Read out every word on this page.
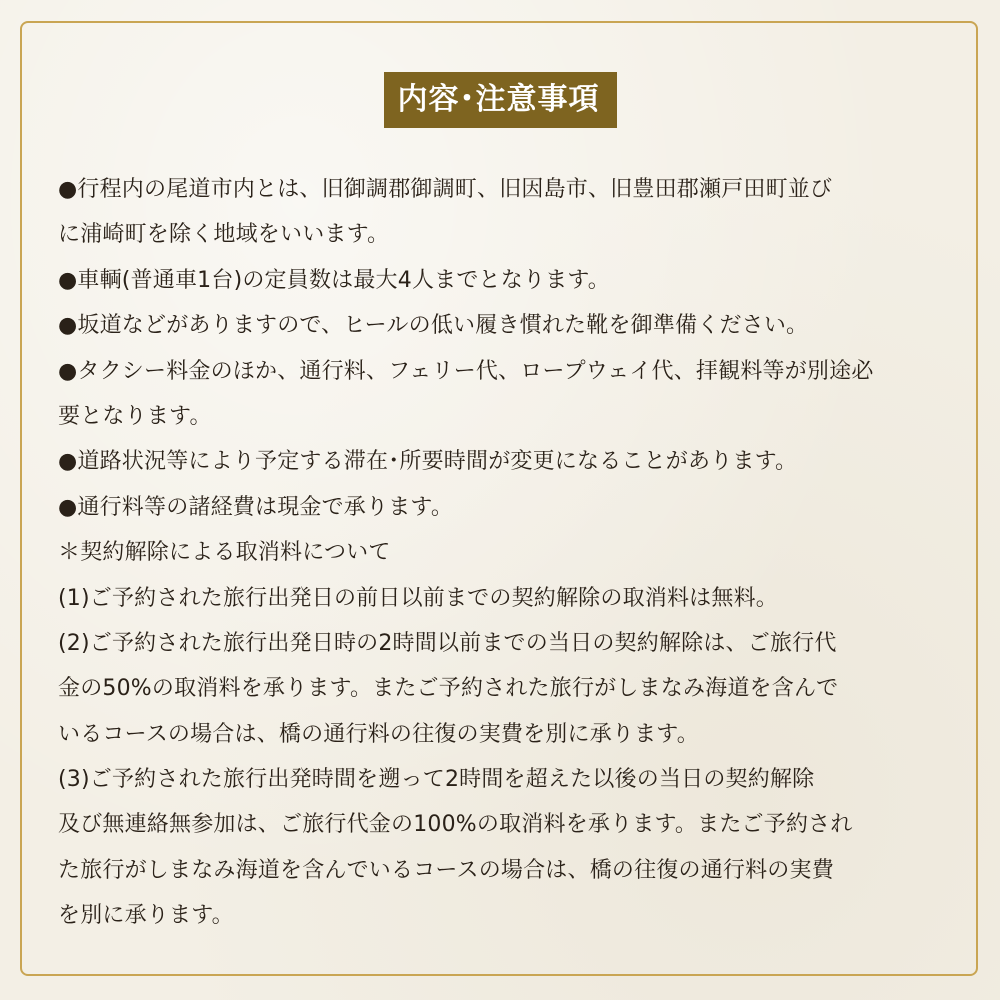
内容･注意事項
●行程内の尾道市内とは、旧御調郡御調町、旧因島市、旧豊田郡瀬戸田町並び
に浦崎町を除く地域をいいます。
●車輌(普通車1台)の定員数は最大4人までとなります。
●坂道などがありますので、ヒールの低い履き慣れた靴を御準備ください。
●タクシー料金のほか、通行料、フェリー代、ロープウェイ代、拝観料等が別途必
要となります。
●道路状況等により予定する滞在･所要時間が変更になることがあります。
●通行料等の諸経費は現金で承ります。
＊契約解除による取消料について
(1)ご予約された旅行出発日の前日以前までの契約解除の取消料は無料。
(2)ご予約された旅行出発日時の2時間以前までの当日の契約解除は、ご旅行代
金の50%の取消料を承ります。またご予約された旅行がしまなみ海道を含んで
いるコースの場合は、橋の通行料の往復の実費を別に承ります。
(3)ご予約された旅行出発時間を遡って2時間を超えた以後の当日の契約解除
及び無連絡無参加は、ご旅行代金の100%の取消料を承ります。またご予約され
た旅行がしまなみ海道を含んでいるコースの場合は、橋の往復の通行料の実費
を別に承ります。
